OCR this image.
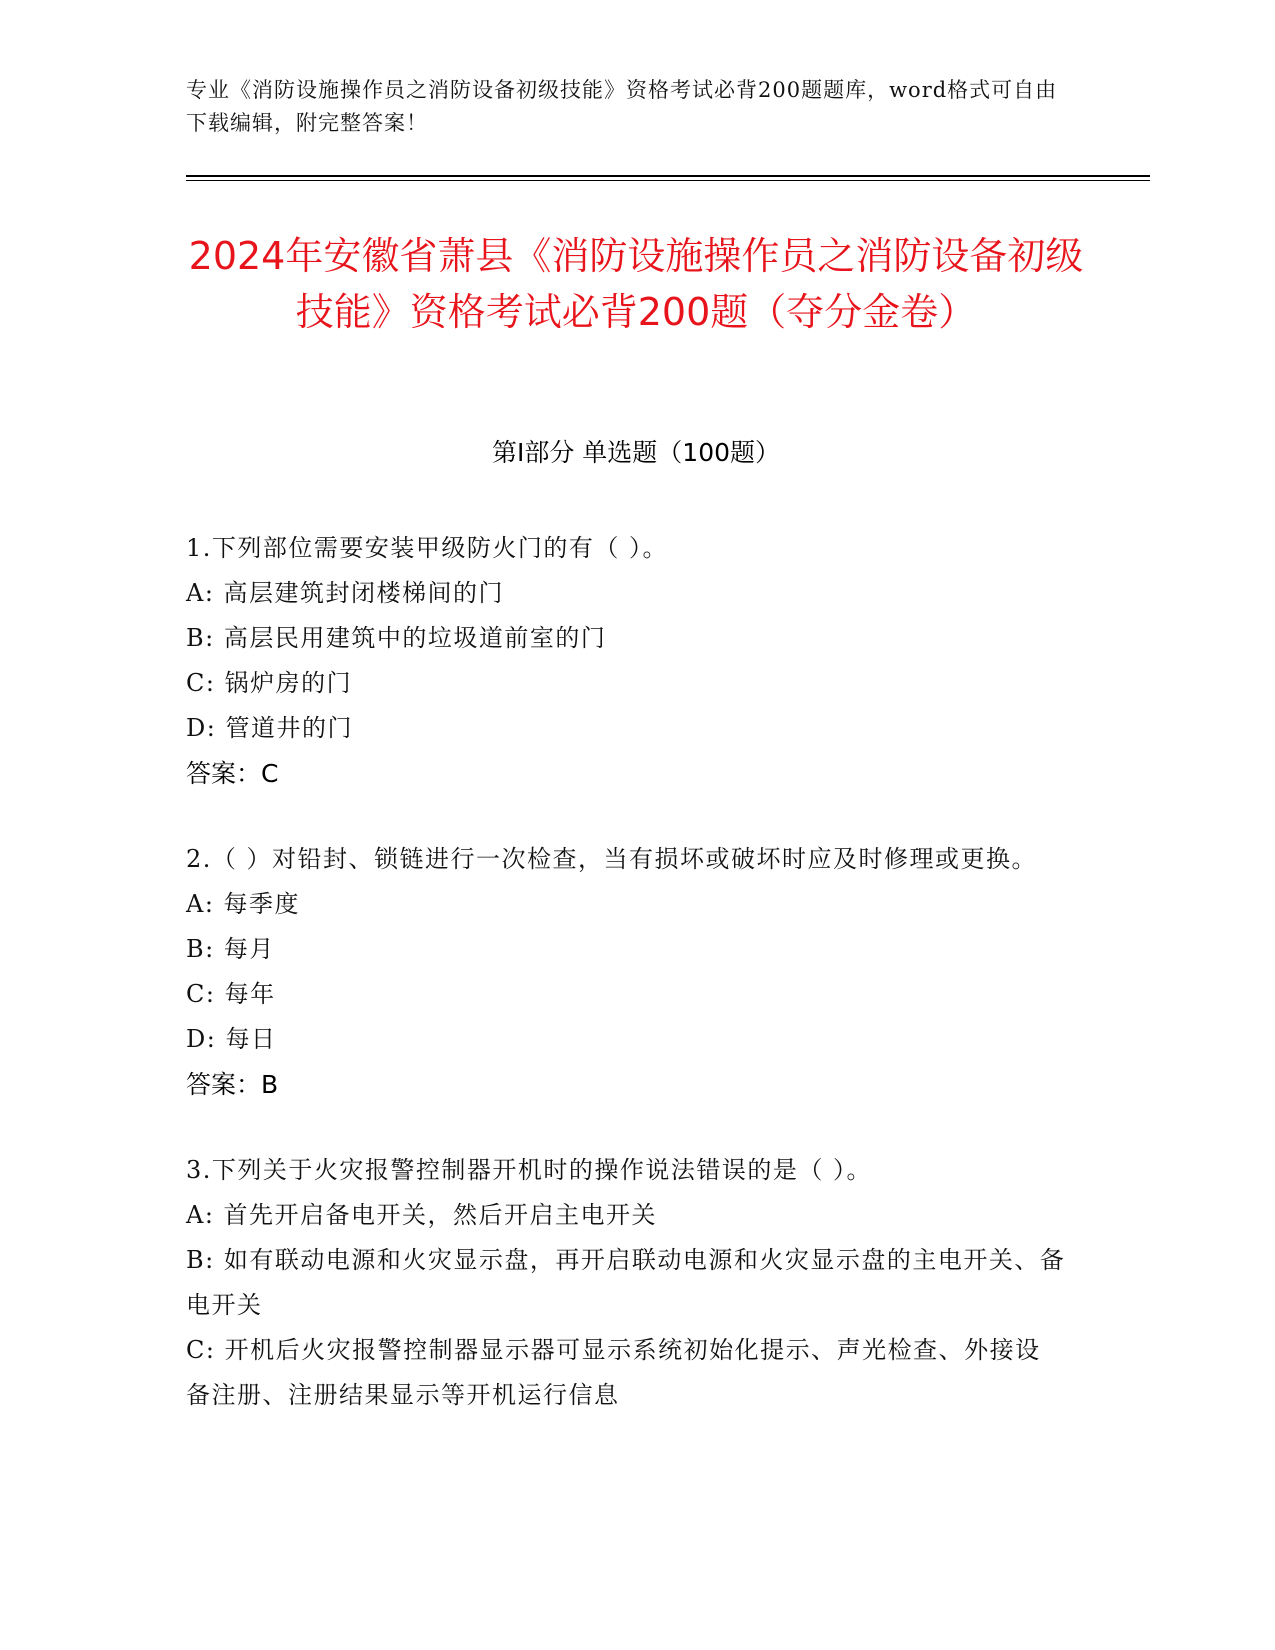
专业《消防设施操作员之消防设备初级技能》资格考试必背200题题库，word格式可自由下载编辑，附完整答案！
2024年安徽省萧县《消防设施操作员之消防设备初级技能》资格考试必背200题（夺分金卷）
第I部分 单选题（100题）
1.下列部位需要安装甲级防火门的有（ ）。
A: 高层建筑封闭楼梯间的门
B: 高层民用建筑中的垃圾道前室的门
C: 锅炉房的门
D: 管道井的门
答案：C
2.（ ）对铅封、锁链进行一次检查，当有损坏或破坏时应及时修理或更换。
A: 每季度
B: 每月
C: 每年
D: 每日
答案：B
3.下列关于火灾报警控制器开机时的操作说法错误的是（ ）。
A: 首先开启备电开关，然后开启主电开关
B: 如有联动电源和火灾显示盘，再开启联动电源和火灾显示盘的主电开关、备电开关
C: 开机后火灾报警控制器显示器可显示系统初始化提示、声光检查、外接设备注册、注册结果显示等开机运行信息
